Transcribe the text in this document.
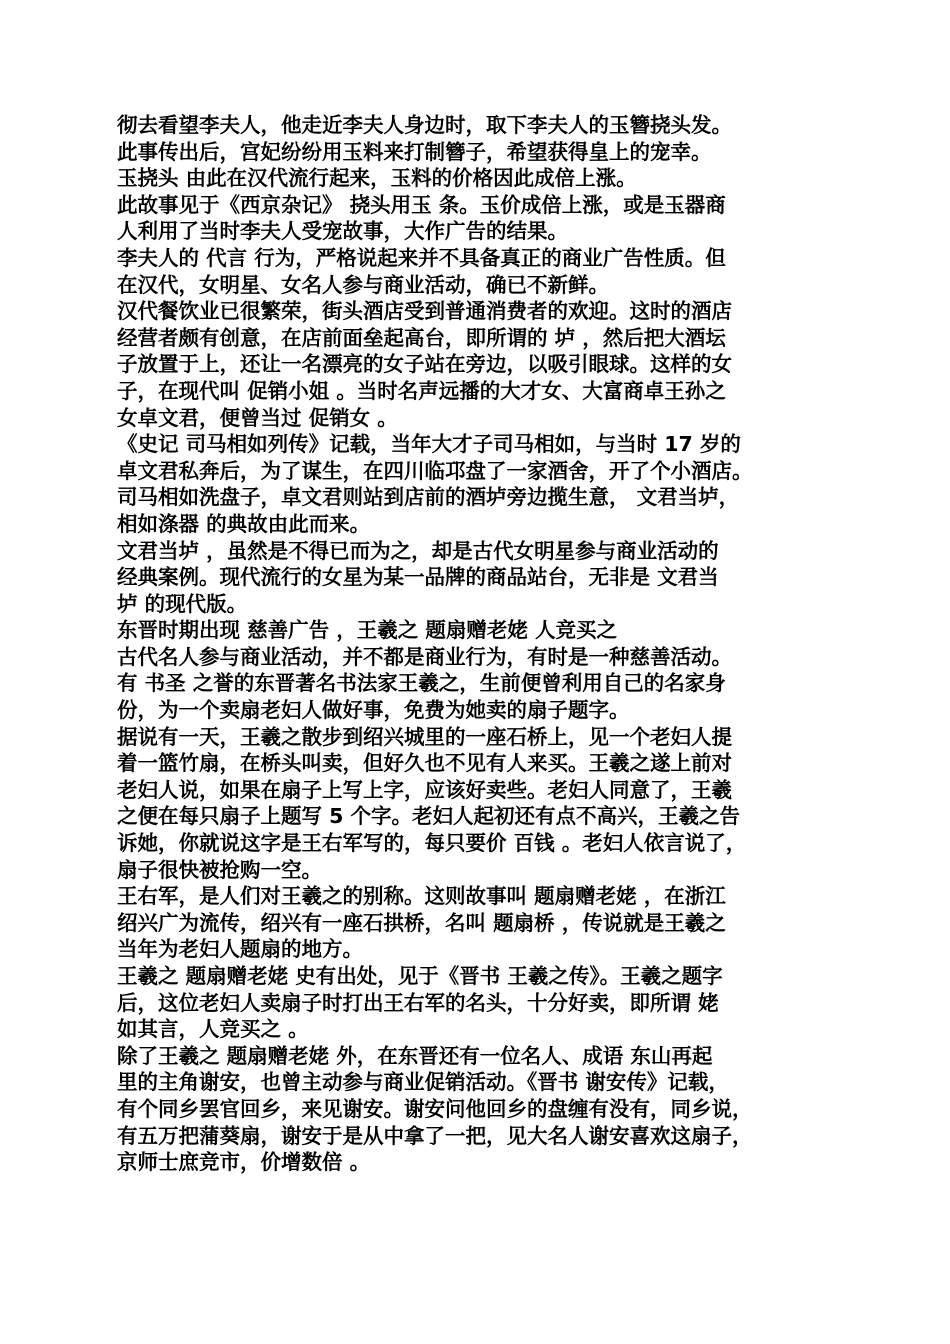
彻去看望李夫人，他走近李夫人身边时，取下李夫人的玉簪挠头发。
此事传出后，宫妃纷纷用玉料来打制簪子，希望获得皇上的宠幸。
玉挠头 由此在汉代流行起来，玉料的价格因此成倍上涨。
此故事见于《西京杂记》 挠头用玉 条。玉价成倍上涨，或是玉器商
人利用了当时李夫人受宠故事，大作广告的结果。
李夫人的 代言 行为，严格说起来并不具备真正的商业广告性质。但
在汉代，女明星、女名人参与商业活动，确已不新鲜。
汉代餐饮业已很繁荣，街头酒店受到普通消费者的欢迎。这时的酒店
经营者颇有创意，在店前面垒起高台，即所谓的 垆 ，然后把大酒坛
子放置于上，还让一名漂亮的女子站在旁边，以吸引眼球。这样的女
子，在现代叫 促销小姐 。当时名声远播的大才女、大富商卓王孙之
女卓文君，便曾当过 促销女 。
《史记 司马相如列传》记载，当年大才子司马相如，与当时 17 岁的
卓文君私奔后，为了谋生，在四川临邛盘了一家酒舍，开了个小酒店。
司马相如洗盘子，卓文君则站到店前的酒垆旁边揽生意， 文君当垆，
相如涤器 的典故由此而来。
文君当垆 ，虽然是不得已而为之，却是古代女明星参与商业活动的
经典案例。现代流行的女星为某一品牌的商品站台，无非是 文君当
垆 的现代版。
东晋时期出现 慈善广告 ，王羲之 题扇赠老姥 人竞买之
古代名人参与商业活动，并不都是商业行为，有时是一种慈善活动。
有 书圣 之誉的东晋著名书法家王羲之，生前便曾利用自己的名家身
份，为一个卖扇老妇人做好事，免费为她卖的扇子题字。
据说有一天，王羲之散步到绍兴城里的一座石桥上，见一个老妇人提
着一篮竹扇，在桥头叫卖，但好久也不见有人来买。王羲之遂上前对
老妇人说，如果在扇子上写上字，应该好卖些。老妇人同意了，王羲
之便在每只扇子上题写 5 个字。老妇人起初还有点不高兴，王羲之告
诉她，你就说这字是王右军写的，每只要价 百钱 。老妇人依言说了，
扇子很快被抢购一空。
王右军，是人们对王羲之的别称。这则故事叫 题扇赠老姥 ，在浙江
绍兴广为流传，绍兴有一座石拱桥，名叫 题扇桥 ，传说就是王羲之
当年为老妇人题扇的地方。
王羲之 题扇赠老姥 史有出处，见于《晋书 王羲之传》。王羲之题字
后，这位老妇人卖扇子时打出王右军的名头，十分好卖，即所谓 姥
如其言，人竞买之 。
除了王羲之 题扇赠老姥 外，在东晋还有一位名人、成语 东山再起
里的主角谢安，也曾主动参与商业促销活动。《晋书 谢安传》记载，
有个同乡罢官回乡，来见谢安。谢安问他回乡的盘缠有没有，同乡说，
有五万把蒲葵扇，谢安于是从中拿了一把，见大名人谢安喜欢这扇子，
京师士庶竞市，价增数倍 。
